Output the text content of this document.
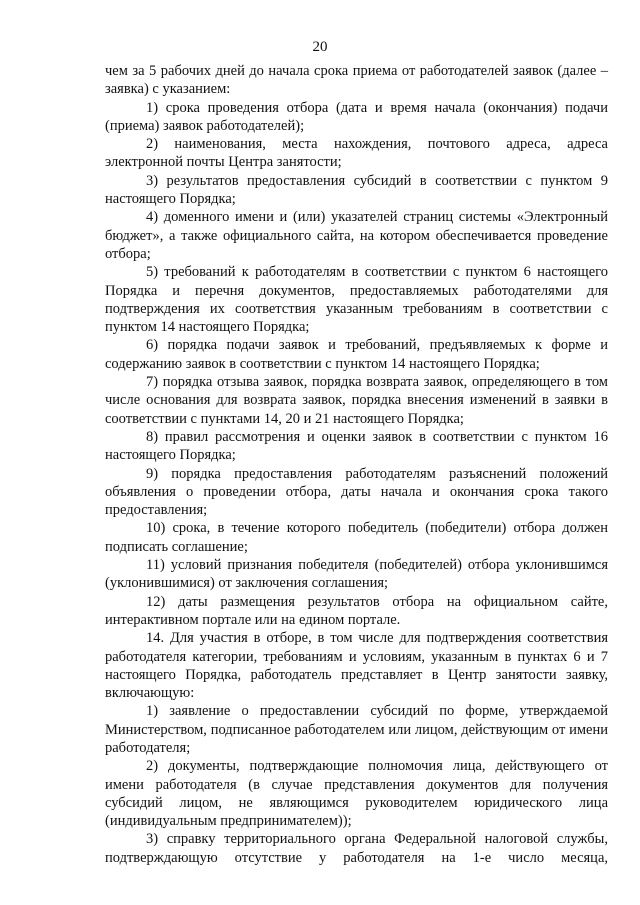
20

чем за 5 рабочих дней до начала срока приема от работодателей заявок (далее – заявка) с указанием:

1) срока проведения отбора (дата и время начала (окончания) подачи (приема) заявок работодателей);

2) наименования, места нахождения, почтового адреса, адреса электронной почты Центра занятости;

3) результатов предоставления субсидий в соответствии с пунктом 9 настоящего Порядка;

4) доменного имени и (или) указателей страниц системы «Электронный бюджет», а также официального сайта, на котором обеспечивается проведение отбора;

5) требований к работодателям в соответствии с пунктом 6 настоящего Порядка и перечня документов, предоставляемых работодателями для подтверждения их соответствия указанным требованиям в соответствии с пунктом 14 настоящего Порядка;

6) порядка подачи заявок и требований, предъявляемых к форме и содержанию заявок в соответствии с пунктом 14 настоящего Порядка;

7) порядка отзыва заявок, порядка возврата заявок, определяющего в том числе основания для возврата заявок, порядка внесения изменений в заявки в соответствии с пунктами 14, 20 и 21 настоящего Порядка;

8) правил рассмотрения и оценки заявок в соответствии с пунктом 16 настоящего Порядка;

9) порядка предоставления работодателям разъяснений положений объявления о проведении отбора, даты начала и окончания срока такого предоставления;

10) срока, в течение которого победитель (победители) отбора должен подписать соглашение;

11) условий признания победителя (победителей) отбора уклонившимся (уклонившимися) от заключения соглашения;

12) даты размещения результатов отбора на официальном сайте, интерактивном портале или на едином портале.

14. Для участия в отборе, в том числе для подтверждения соответствия работодателя категории, требованиям и условиям, указанным в пунктах 6 и 7 настоящего Порядка, работодатель представляет в Центр занятости заявку, включающую:

1) заявление о предоставлении субсидий по форме, утверждаемой Министерством, подписанное работодателем или лицом, действующим от имени работодателя;

2) документы, подтверждающие полномочия лица, действующего от имени работодателя (в случае представления документов для получения субсидий лицом, не являющимся руководителем юридического лица (индивидуальным предпринимателем));

3) справку территориального органа Федеральной налоговой службы, подтверждающую отсутствие у работодателя на 1-е число месяца,
